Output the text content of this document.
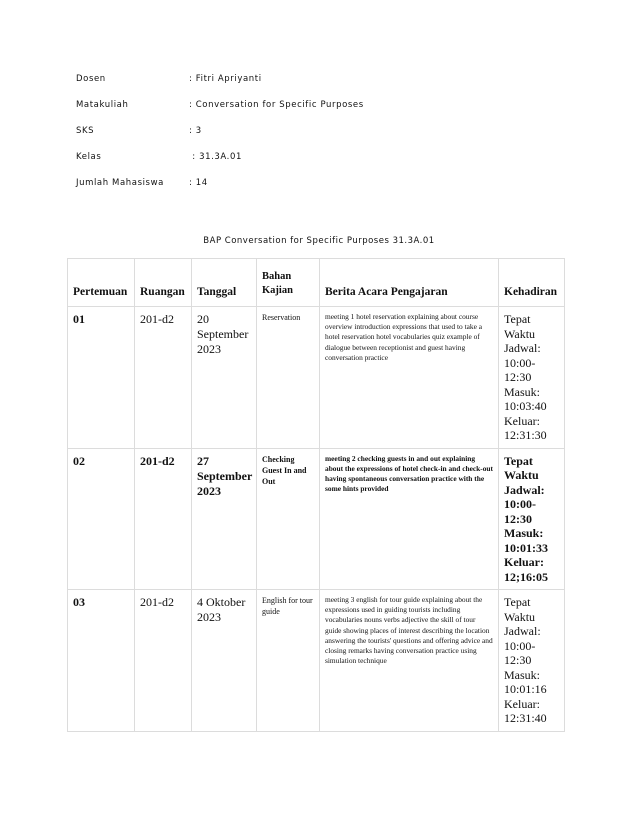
Dosen	: Fitri Apriyanti
Matakuliah	: Conversation for Specific Purposes
SKS	: 3
Kelas	: 31.3A.01
Jumlah Mahasiswa	: 14
BAP Conversation for Specific Purposes 31.3A.01
Pertemuan	Ruangan	Tanggal	Bahan Kajian	Berita Acara Pengajaran	Kehadiran
01	201-d2	20 September 2023	Reservation	meeting 1 hotel reservation explaining about course overview introduction expressions that used to take a hotel reservation hotel vocabularies quiz example of dialogue between receptionist and guest having conversation practice	Tepat Waktu Jadwal: 10:00-12:30 Masuk: 10:03:40 Keluar: 12:31:30
02	201-d2	27 September 2023	Checking Guest In and Out	meeting 2 checking guests in and out explaining about the expressions of hotel check-in and check-out having spontaneous conversation practice with the some hints provided	Tepat Waktu Jadwal: 10:00-12:30 Masuk: 10:01:33 Keluar: 12;16:05
03	201-d2	4 Oktober 2023	English for tour guide	meeting 3 english for tour guide explaining about the expressions used in guiding tourists including vocabularies nouns verbs adjective the skill of tour guide showing places of interest describing the location answering the tourists' questions and offering advice and closing remarks having conversation practice using simulation technique	Tepat Waktu Jadwal: 10:00-12:30 Masuk: 10:01:16 Keluar: 12:31:40
